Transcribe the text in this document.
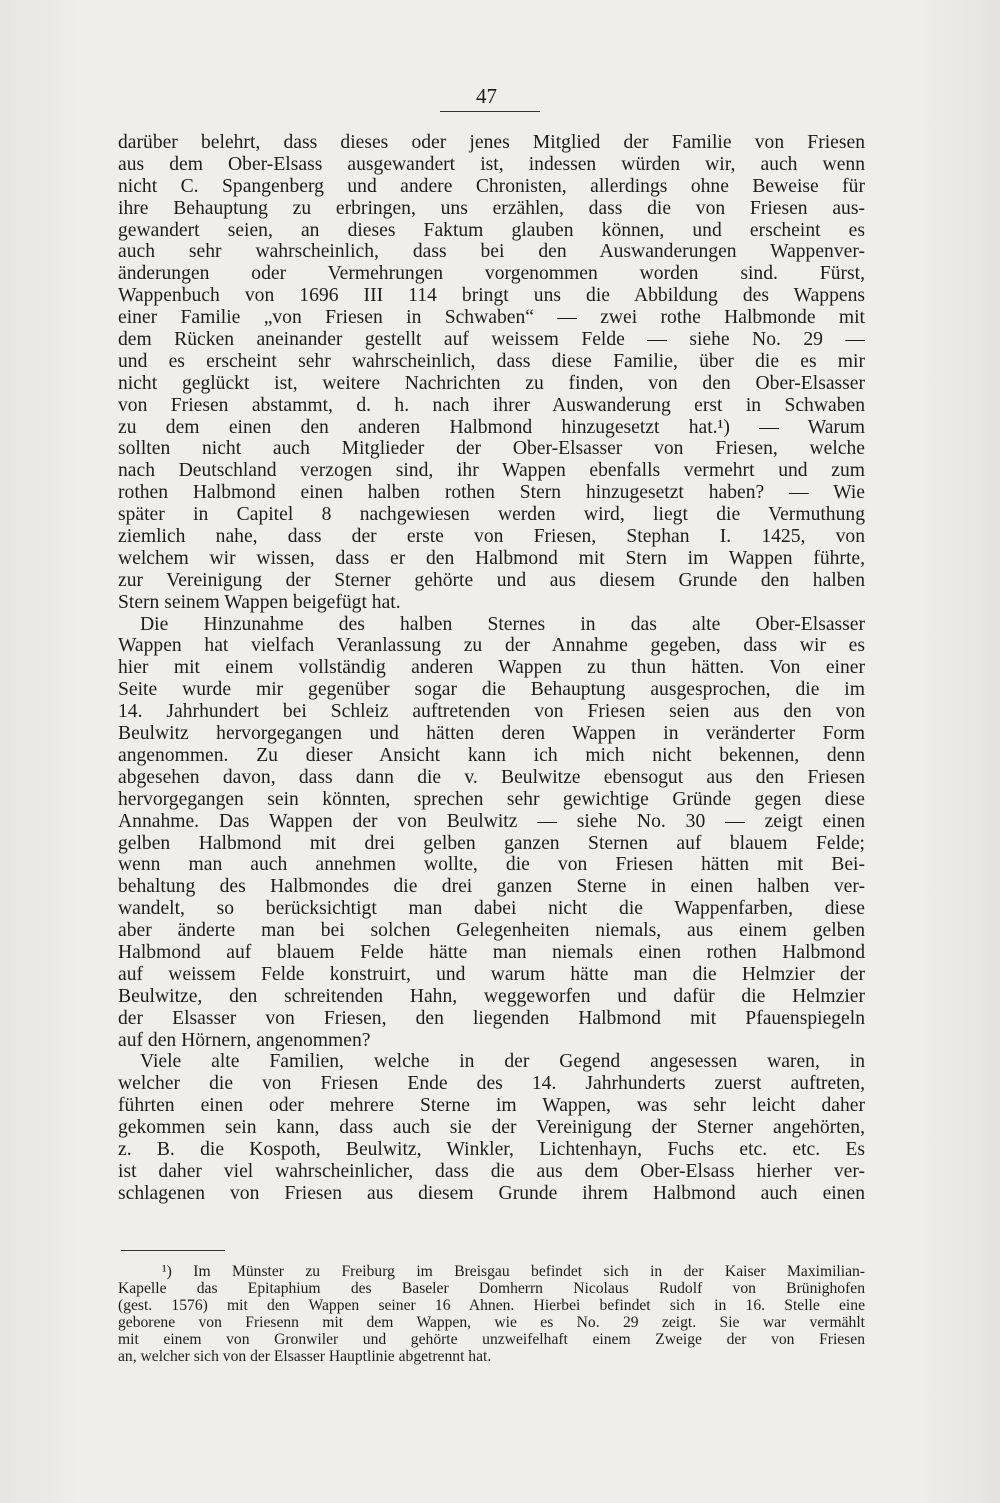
47
darüber belehrt, dass dieses oder jenes Mitglied der Familie von Friesen
aus dem Ober-Elsass ausgewandert ist, indessen würden wir, auch wenn
nicht C. Spangenberg und andere Chronisten, allerdings ohne Beweise für
ihre Behauptung zu erbringen, uns erzählen, dass die von Friesen aus-
gewandert seien, an dieses Faktum glauben können, und erscheint es
auch sehr wahrscheinlich, dass bei den Auswanderungen Wappenver-
änderungen oder Vermehrungen vorgenommen worden sind. Fürst,
Wappenbuch von 1696 III 114 bringt uns die Abbildung des Wappens
einer Familie „von Friesen in Schwaben“ — zwei rothe Halbmonde mit
dem Rücken aneinander gestellt auf weissem Felde — siehe No. 29 —
und es erscheint sehr wahrscheinlich, dass diese Familie, über die es mir
nicht geglückt ist, weitere Nachrichten zu finden, von den Ober-Elsasser
von Friesen abstammt, d. h. nach ihrer Auswanderung erst in Schwaben
zu dem einen den anderen Halbmond hinzugesetzt hat.¹) — Warum
sollten nicht auch Mitglieder der Ober-Elsasser von Friesen, welche
nach Deutschland verzogen sind, ihr Wappen ebenfalls vermehrt und zum
rothen Halbmond einen halben rothen Stern hinzugesetzt haben? — Wie
später in Capitel 8 nachgewiesen werden wird, liegt die Vermuthung
ziemlich nahe, dass der erste von Friesen, Stephan I. 1425, von
welchem wir wissen, dass er den Halbmond mit Stern im Wappen führte,
zur Vereinigung der Sterner gehörte und aus diesem Grunde den halben
Stern seinem Wappen beigefügt hat.
Die Hinzunahme des halben Sternes in das alte Ober-Elsasser
Wappen hat vielfach Veranlassung zu der Annahme gegeben, dass wir es
hier mit einem vollständig anderen Wappen zu thun hätten. Von einer
Seite wurde mir gegenüber sogar die Behauptung ausgesprochen, die im
14. Jahrhundert bei Schleiz auftretenden von Friesen seien aus den von
Beulwitz hervorgegangen und hätten deren Wappen in veränderter Form
angenommen. Zu dieser Ansicht kann ich mich nicht bekennen, denn
abgesehen davon, dass dann die v. Beulwitze ebensogut aus den Friesen
hervorgegangen sein könnten, sprechen sehr gewichtige Gründe gegen diese
Annahme. Das Wappen der von Beulwitz — siehe No. 30 — zeigt einen
gelben Halbmond mit drei gelben ganzen Sternen auf blauem Felde;
wenn man auch annehmen wollte, die von Friesen hätten mit Bei-
behaltung des Halbmondes die drei ganzen Sterne in einen halben ver-
wandelt, so berücksichtigt man dabei nicht die Wappenfarben, diese
aber änderte man bei solchen Gelegenheiten niemals, aus einem gelben
Halbmond auf blauem Felde hätte man niemals einen rothen Halbmond
auf weissem Felde konstruirt, und warum hätte man die Helmzier der
Beulwitze, den schreitenden Hahn, weggeworfen und dafür die Helmzier
der Elsasser von Friesen, den liegenden Halbmond mit Pfauenspiegeln
auf den Hörnern, angenommen?
Viele alte Familien, welche in der Gegend angesessen waren, in
welcher die von Friesen Ende des 14. Jahrhunderts zuerst auftreten,
führten einen oder mehrere Sterne im Wappen, was sehr leicht daher
gekommen sein kann, dass auch sie der Vereinigung der Sterner angehörten,
z. B. die Kospoth, Beulwitz, Winkler, Lichtenhayn, Fuchs etc. etc. Es
ist daher viel wahrscheinlicher, dass die aus dem Ober-Elsass hierher ver-
schlagenen von Friesen aus diesem Grunde ihrem Halbmond auch einen
¹) Im Münster zu Freiburg im Breisgau befindet sich in der Kaiser Maximilian-
Kapelle das Epitaphium des Baseler Domherrn Nicolaus Rudolf von Brünighofen
(gest. 1576) mit den Wappen seiner 16 Ahnen. Hierbei befindet sich in 16. Stelle eine
geborene von Friesenn mit dem Wappen, wie es No. 29 zeigt. Sie war vermählt
mit einem von Gronwiler und gehörte unzweifelhaft einem Zweige der von Friesen
an, welcher sich von der Elsasser Hauptlinie abgetrennt hat.
